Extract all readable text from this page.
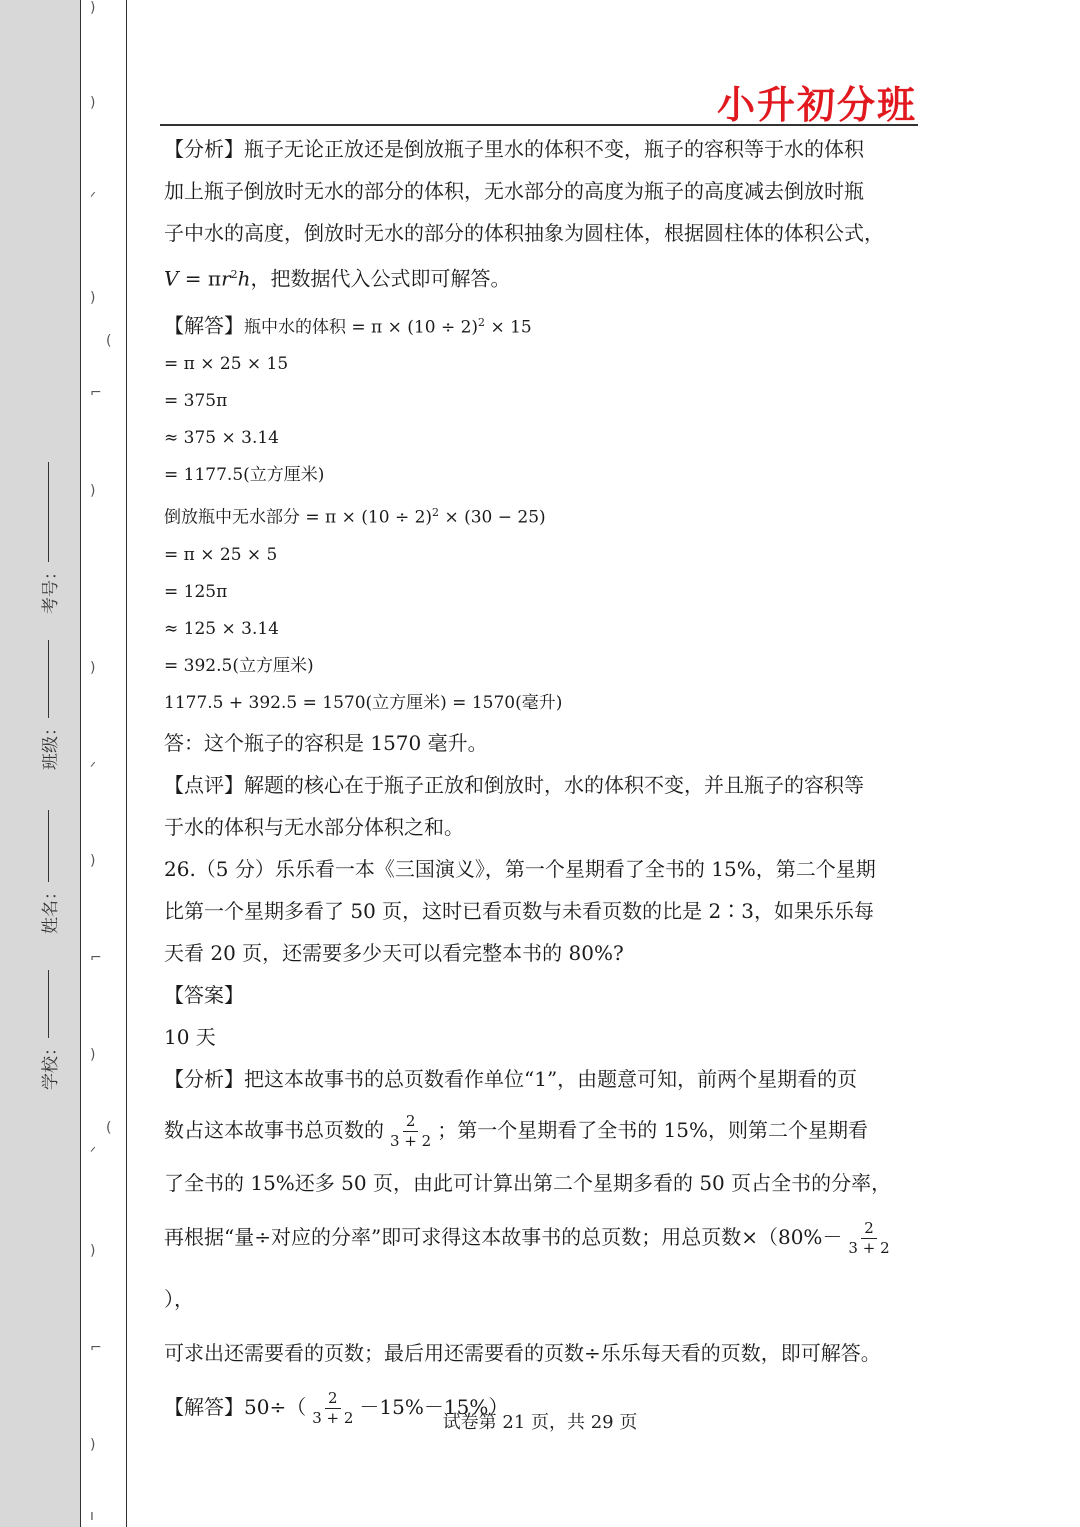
)
)
ᐟ
)
(
⌐
)
)
ᐟ
)
⌐
)
(
ᐟ
)
⌐
)
ı
考号：
班级：
姓名：
学校：
小升初分班

【分析】瓶子无论正放还是倒放瓶子里水的体积不变，瓶子的容积等于水的体积

加上瓶子倒放时无水的部分的体积，无水部分的高度为瓶子的高度减去倒放时瓶

子中水的高度，倒放时无水的部分的体积抽象为圆柱体，根据圆柱体的体积公式，

$V = \pi r^2h$，把数据代入公式即可解答。

【解答】瓶中水的体积 = $\pi \times (10 \div 2)^2 \times 15$

= π × 25 × 15

= 375π

≈ 375 × 3.14

= 1177.5(立方厘米)

倒放瓶中无水部分 = $\pi \times (10 \div 2)^2 \times (30 - 25)$

= π × 25 × 5

= 125π

≈ 125 × 3.14

= 392.5(立方厘米)

1177.5 + 392.5 = 1570(立方厘米) = 1570(毫升)

答：这个瓶子的容积是 1570 毫升。

【点评】解题的核心在于瓶子正放和倒放时，水的体积不变，并且瓶子的容积等

于水的体积与无水部分体积之和。

26.（5 分）乐乐看一本《三国演义》，第一个星期看了全书的 15%，第二个星期

比第一个星期多看了 50 页，这时已看页数与未看页数的比是 2∶3，如果乐乐每

天看 20 页，还需要多少天可以看完整本书的 80%?

【答案】

10 天

【分析】把这本故事书的总页数看作单位“1”，由题意可知，前两个星期看的页

数占这本故事书总页数的 $\frac{2}{3 + 2}$ ；第一个星期看了全书的 15%，则第二个星期看

了全书的 15%还多 50 页，由此可计算出第二个星期多看的 50 页占全书的分率，

再根据“量÷对应的分率”即可求得这本故事书的总页数；用总页数$\times(80\%- \frac{2}{3 + 2}$
），

可求出还需要看的页数；最后用还需要看的页数÷乐乐每天看的页数，即可解答。

【解答】$50\div( \frac{2}{3 + 2} -15\%-15\%)$

试卷第 21 页，共 29 页
